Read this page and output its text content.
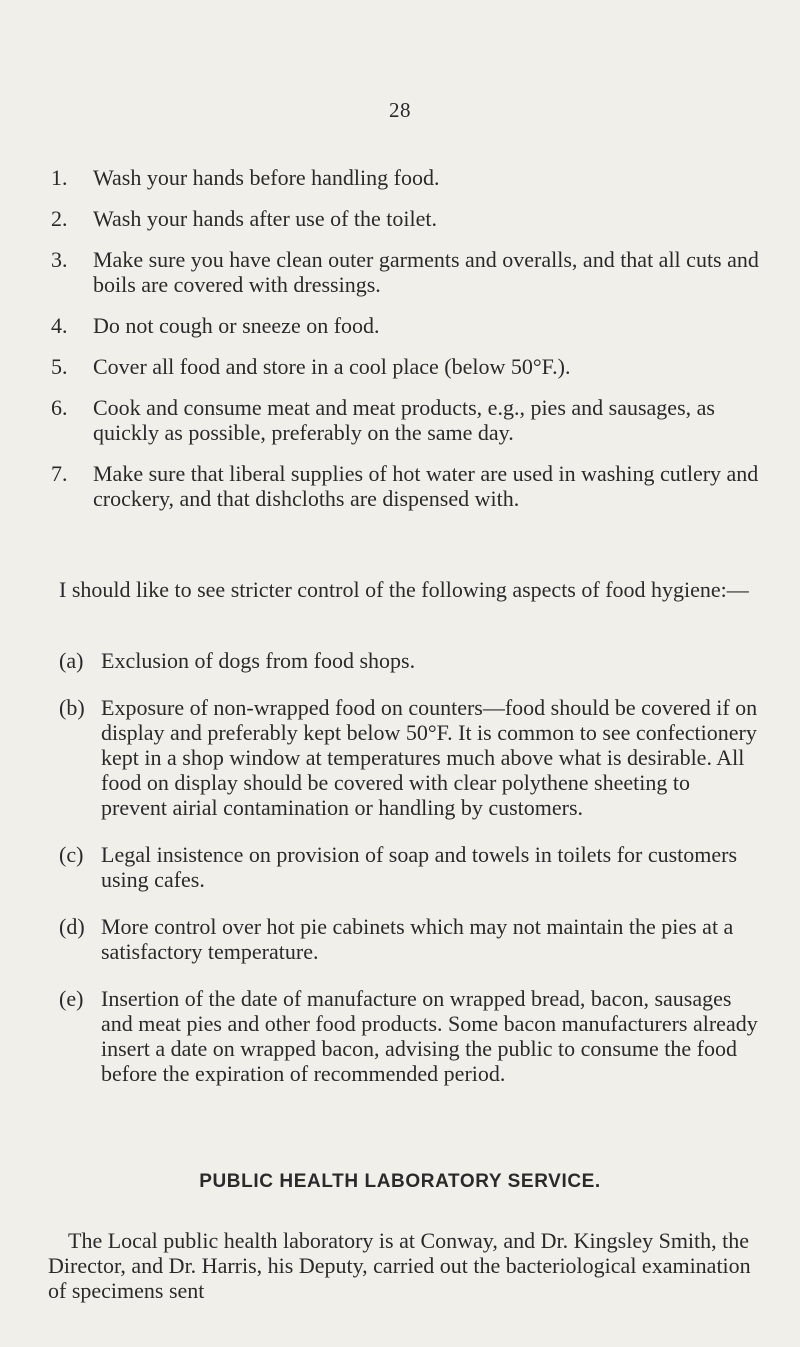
28
1. Wash your hands before handling food.
2. Wash your hands after use of the toilet.
3. Make sure you have clean outer garments and overalls, and that all cuts and boils are covered with dressings.
4. Do not cough or sneeze on food.
5. Cover all food and store in a cool place (below 50°F.).
6. Cook and consume meat and meat products, e.g., pies and sausages, as quickly as possible, preferably on the same day.
7. Make sure that liberal supplies of hot water are used in washing cutlery and crockery, and that dishcloths are dispensed with.

I should like to see stricter control of the following aspects of food hygiene:—

(a) Exclusion of dogs from food shops.
(b) Exposure of non-wrapped food on counters—food should be covered if on display and preferably kept below 50°F. It is common to see confectionery kept in a shop window at temperatures much above what is desirable. All food on display should be covered with clear polythene sheeting to prevent airial contamination or handling by customers.
(c) Legal insistence on provision of soap and towels in toilets for customers using cafes.
(d) More control over hot pie cabinets which may not maintain the pies at a satisfactory temperature.
(e) Insertion of the date of manufacture on wrapped bread, bacon, sausages and meat pies and other food products. Some bacon manufacturers already insert a date on wrapped bacon, advising the public to consume the food before the expiration of recommended period.
PUBLIC HEALTH LABORATORY SERVICE.

The Local public health laboratory is at Conway, and Dr. Kingsley Smith, the Director, and Dr. Harris, his Deputy, carried out the bacteriological examination of specimens sent
